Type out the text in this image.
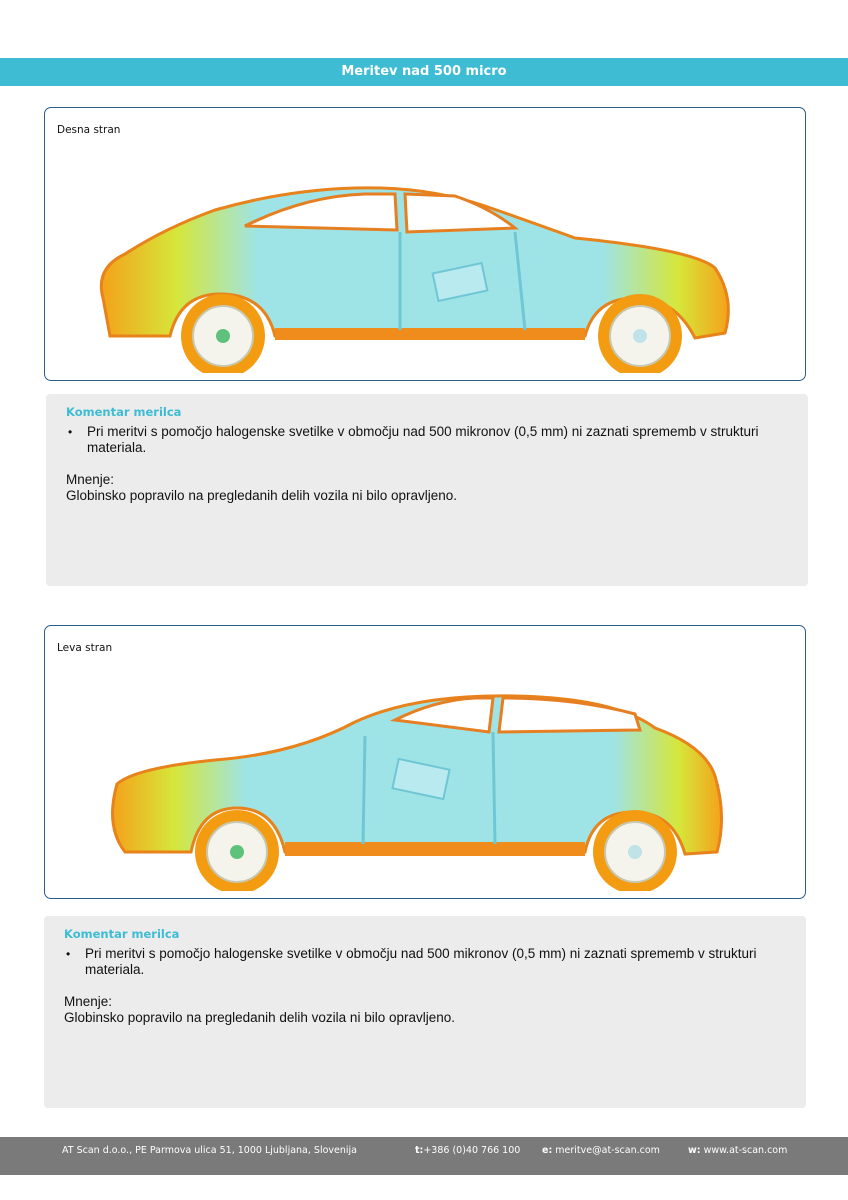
Meritev nad 500 micro
Desna stran
Komentar merilca
• Pri meritvi s pomočjo halogenske svetilke v območju nad 500 mikronov (0,5 mm) ni zaznati sprememb v strukturi materiala.
Mnenje:
Globinsko popravilo na pregledanih delih vozila ni bilo opravljeno.
Leva stran
Komentar merilca
• Pri meritvi s pomočjo halogenske svetilke v območju nad 500 mikronov (0,5 mm) ni zaznati sprememb v strukturi materiala.
Mnenje:
Globinsko popravilo na pregledanih delih vozila ni bilo opravljeno.
AT Scan d.o.o., PE Parmova ulica 51, 1000 Ljubljana, Slovenija	t:+386 (0)40 766 100 e: meritve@at-scan.com	w: www.at-scan.com
